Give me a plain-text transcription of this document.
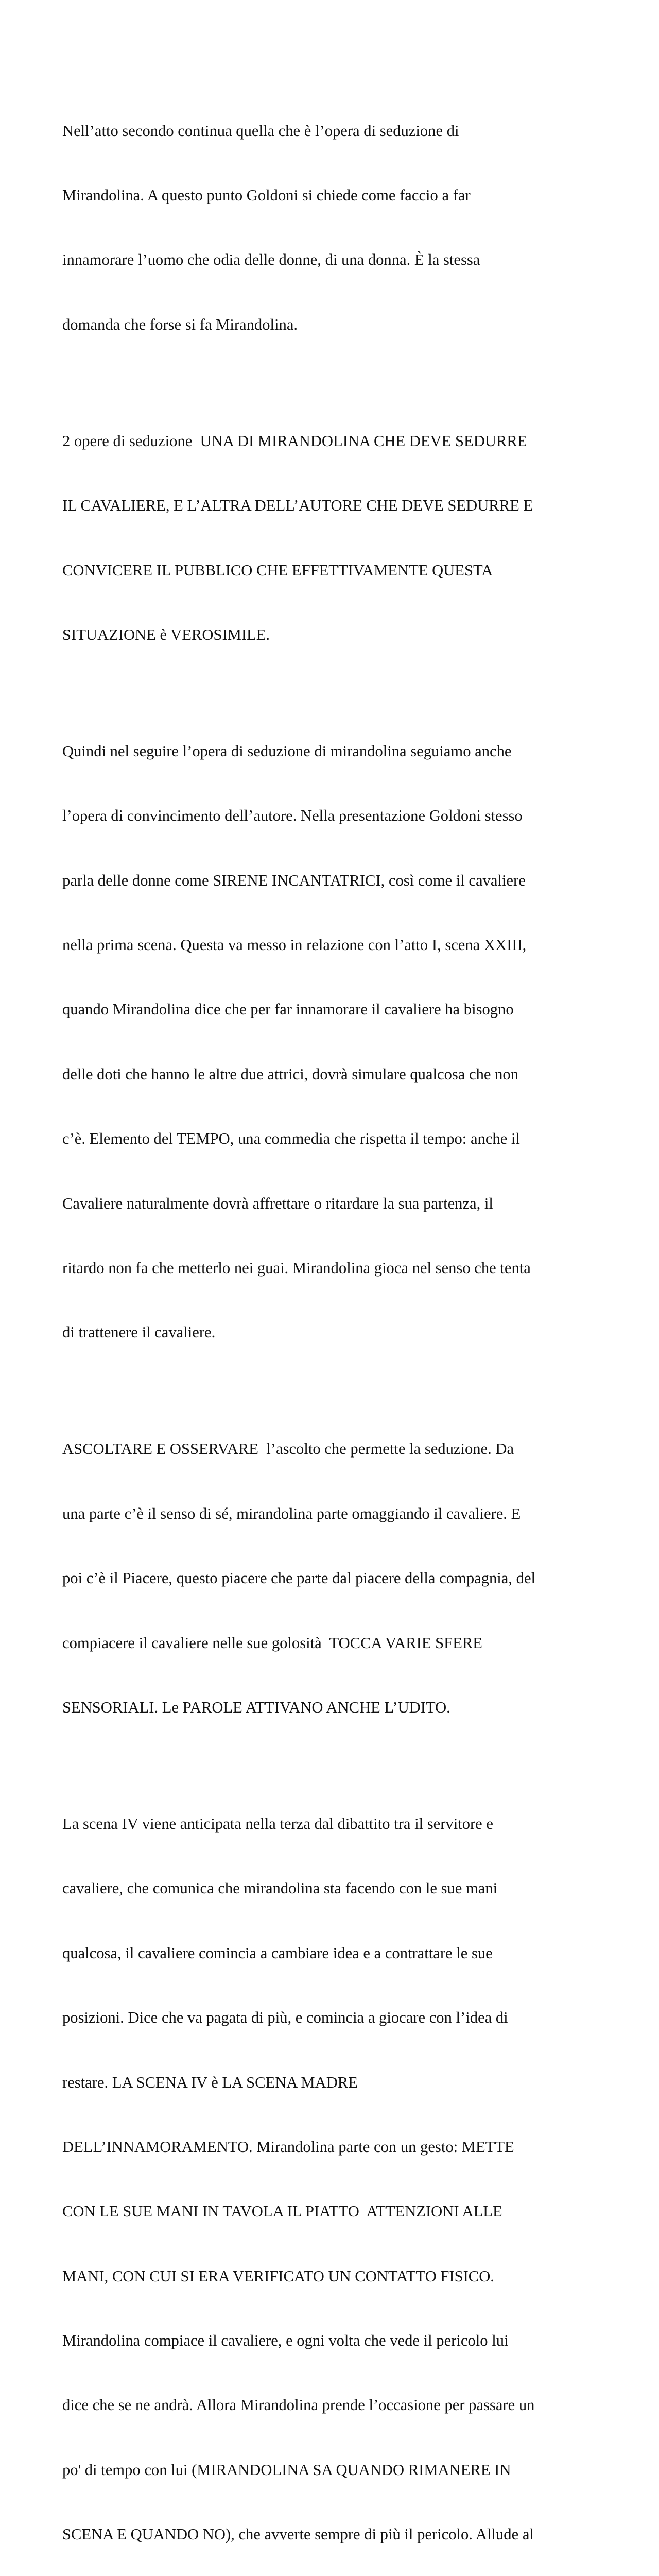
Nell’atto secondo continua quella che è l’opera di seduzione di

Mirandolina. A questo punto Goldoni si chiede come faccio a far

innamorare l’uomo che odia delle donne, di una donna. È la stessa

domanda che forse si fa Mirandolina.

2 opere di seduzione  UNA DI MIRANDOLINA CHE DEVE SEDURRE

IL CAVALIERE, E L’ALTRA DELL’AUTORE CHE DEVE SEDURRE E

CONVICERE IL PUBBLICO CHE EFFETTIVAMENTE QUESTA

SITUAZIONE è VEROSIMILE.

Quindi nel seguire l’opera di seduzione di mirandolina seguiamo anche

l’opera di convincimento dell’autore. Nella presentazione Goldoni stesso

parla delle donne come SIRENE INCANTATRICI, così come il cavaliere

nella prima scena. Questa va messo in relazione con l’atto I, scena XXIII,

quando Mirandolina dice che per far innamorare il cavaliere ha bisogno

delle doti che hanno le altre due attrici, dovrà simulare qualcosa che non

c’è. Elemento del TEMPO, una commedia che rispetta il tempo: anche il

Cavaliere naturalmente dovrà affrettare o ritardare la sua partenza, il

ritardo non fa che metterlo nei guai. Mirandolina gioca nel senso che tenta

di trattenere il cavaliere.

ASCOLTARE E OSSERVARE  l’ascolto che permette la seduzione. Da

una parte c’è il senso di sé, mirandolina parte omaggiando il cavaliere. E

poi c’è il Piacere, questo piacere che parte dal piacere della compagnia, del

compiacere il cavaliere nelle sue golosità  TOCCA VARIE SFERE

SENSORIALI. Le PAROLE ATTIVANO ANCHE L’UDITO.

La scena IV viene anticipata nella terza dal dibattito tra il servitore e

cavaliere, che comunica che mirandolina sta facendo con le sue mani

qualcosa, il cavaliere comincia a cambiare idea e a contrattare le sue

posizioni. Dice che va pagata di più, e comincia a giocare con l’idea di

restare. LA SCENA IV è LA SCENA MADRE

DELL’INNAMORAMENTO. Mirandolina parte con un gesto: METTE

CON LE SUE MANI IN TAVOLA IL PIATTO  ATTENZIONI ALLE

MANI, CON CUI SI ERA VERIFICATO UN CONTATTO FISICO.

Mirandolina compiace il cavaliere, e ogni volta che vede il pericolo lui

dice che se ne andrà. Allora Mirandolina prende l’occasione per passare un

po' di tempo con lui (MIRANDOLINA SA QUANDO RIMANERE IN

SCENA E QUANDO NO), che avverte sempre di più il pericolo. Allude al
